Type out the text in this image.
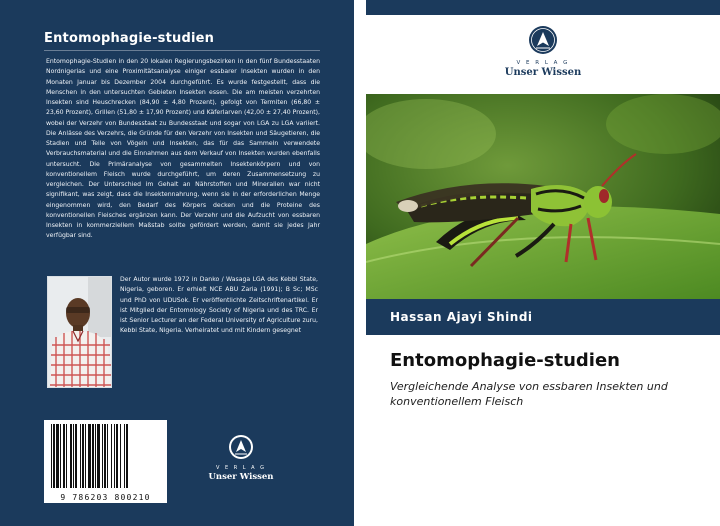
Entomophagie-studien
Entomophagie-Studien in den 20 lokalen Regierungsbezirken in den fünf Bundesstaaten Nordnigerias und eine Proximitätsanalyse einiger essbarer Insekten wurden in den Monaten Januar bis Dezember 2004 durchgeführt. Es wurde festgestellt, dass die Menschen in den untersuchten Gebieten Insekten essen. Die am meisten verzehrten Insekten sind Heuschrecken (84,90 ± 4,80 Prozent), gefolgt von Termiten (66,80 ± 23,60 Prozent), Grillen (51,80 ± 17,90 Prozent) und Käferlarven (42,00 ± 27,40 Prozent), wobei der Verzehr von Bundesstaat zu Bundesstaat und sogar von LGA zu LGA variiert. Die Anlässe des Verzehrs, die Gründe für den Verzehr von Insekten und Säugetieren, die Stadien und Teile von Vögeln und Insekten, das für das Sammeln verwendete Verbrauchsmaterial und die Einnahmen aus dem Verkauf von Insekten wurden ebenfalls untersucht. Die Primäranalyse von gesammelten Insektenkörpern und von konventionellem Fleisch wurde durchgeführt, um deren Zusammensetzung zu vergleichen. Der Unterschied im Gehalt an Nährstoffen und Mineralien war nicht signifikant, was zeigt, dass die Insektennahrung, wenn sie in der erforderlichen Menge eingenommen wird, den Bedarf des Körpers decken und die Proteine des konventionellen Fleisches ergänzen kann. Der Verzehr und die Aufzucht von essbaren Insekten in kommerziellem Maßstab sollte gefördert werden, damit sie jedes Jahr verfügbar sind.
Der Autor wurde 1972 in Danko / Wasaga LGA des Kebbi State, Nigeria, geboren. Er erhielt NCE ABU Zaria (1991); B Sc; MSc und PhD von UDUSok. Er veröffentlichte Zeitschriftenartikel. Er ist Mitglied der Entomology Society of Nigeria und des TRC. Er ist Senior Lecturer an der Federal University of Agriculture zuru, Kebbi State, Nigeria. Verheiratet und mit Kindern gesegnet
9 786203 800210
V E R L A G
Unser Wissen
V E R L A G
Unser Wissen
Hassan Ajayi Shindi
Entomophagie-studien
Vergleichende Analyse von essbaren Insekten und konventionellem Fleisch
